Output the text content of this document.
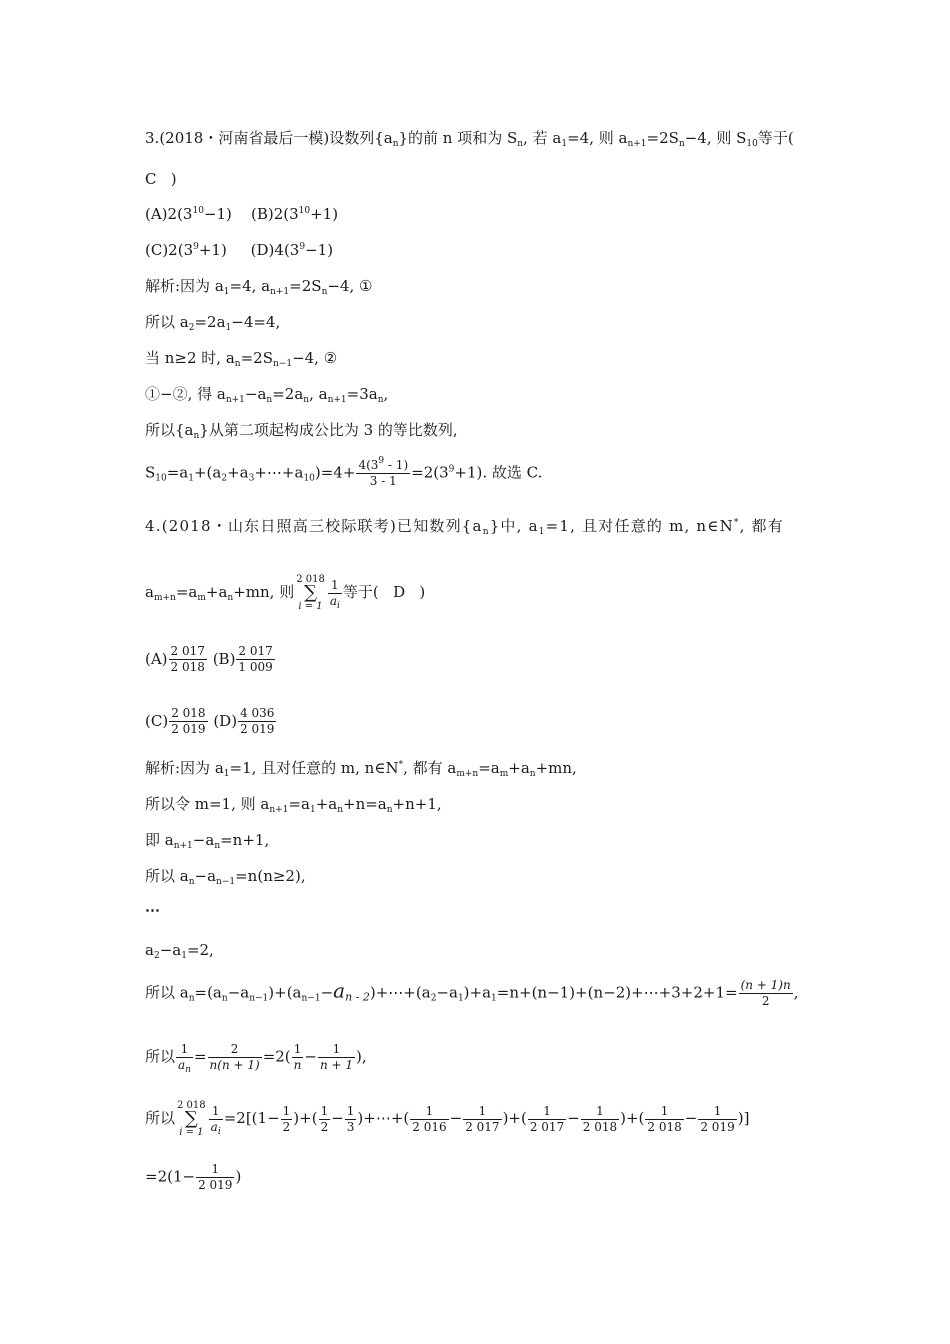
3.(2018・河南省最后一模)设数列$\{a_n\}$的前 n 项和为 $S_n$, 若 $a_1=4$, 则 $a_{n+1}=2S_n-4$, 则 $S_{10}$等于(
C )
$(A)2(3^{10}-1)$ $(B)2(3^{10}+1)$
$(C)2(3^9+1)$ $(D)4(3^9-1)$
解析:因为 $a_1=4$, $a_{n+1}=2S_n-4$, ①
所以 $a_2=2a_1-4=4$,
当 n≥2 时, $a_n=2S_{n-1}-4$, ②
①−②, 得 $a_{n+1}-a_n=2a_n$, $a_{n+1}=3a_n$,
所以$\{a_n\}$从第二项起构成公比为 3 的等比数列,
$S_{10}=a_1+(a_2+a_3+\cdots+a_{10})=4+ \frac{4(3^9 - 1)}{3 - 1} =2(3^9+1)$. 故选 C.
4.(2018・山东日照高三校际联考)已知数列$\{a_n\}$中, $a_1=1$, 且对任意的 m, n∈N*, 都有
$a_{m+n}=a_m+a_n+mn$, 则2 018
∑
$i = 1 \frac{1}{a_i}$ 等于( D )
$(A) \frac{2 017}{2 018} (B) \frac{2 017}{1 009}$
$(C) \frac{2 018}{2 019} (D) \frac{4 036}{2 019}$
解析:因为 $a_1=1$, 且对任意的 m, n∈N*, 都有 $a_{m+n}=a_m+a_n+mn$,
所以令 m=1, 则 $a_{n+1}=a_1+a_n+n=a_n+n+1$,
即 $a_{n+1}-a_n=n+1$,
所以 $a_n-a_{n-1}=n(n\ge 2)$,
⋯
$a_2-a_1=2$,
所以 $a_n=(a_n-a_{n-1})+(a_{n-1}-a_{n - 2})+\cdots+(a_2-a_1)+a_1=n+(n-1)+(n-2)+\cdots+3+2+1= \frac{(n + 1)n}{2}$ ,
所以 $\frac{1}{a_n} = \frac{2}{n(n + 1)} =2( \frac{1}{n} - \frac{1}{n + 1}$ ),
所以2 018
∑
$i = 1 \frac{1}{a_i} =2[(1- \frac{1}{2}$ )+( $\frac{1}{2} - \frac{1}{3}$ )+⋯+( $\frac{1}{2 016} - \frac{1}{2 017}$ )+( $\frac{1}{2 017} - \frac{1}{2 018}$ )+( $\frac{1}{2 018} - \frac{1}{2 019}$ )]
$=2(1- \frac{1}{2 019}$ )
